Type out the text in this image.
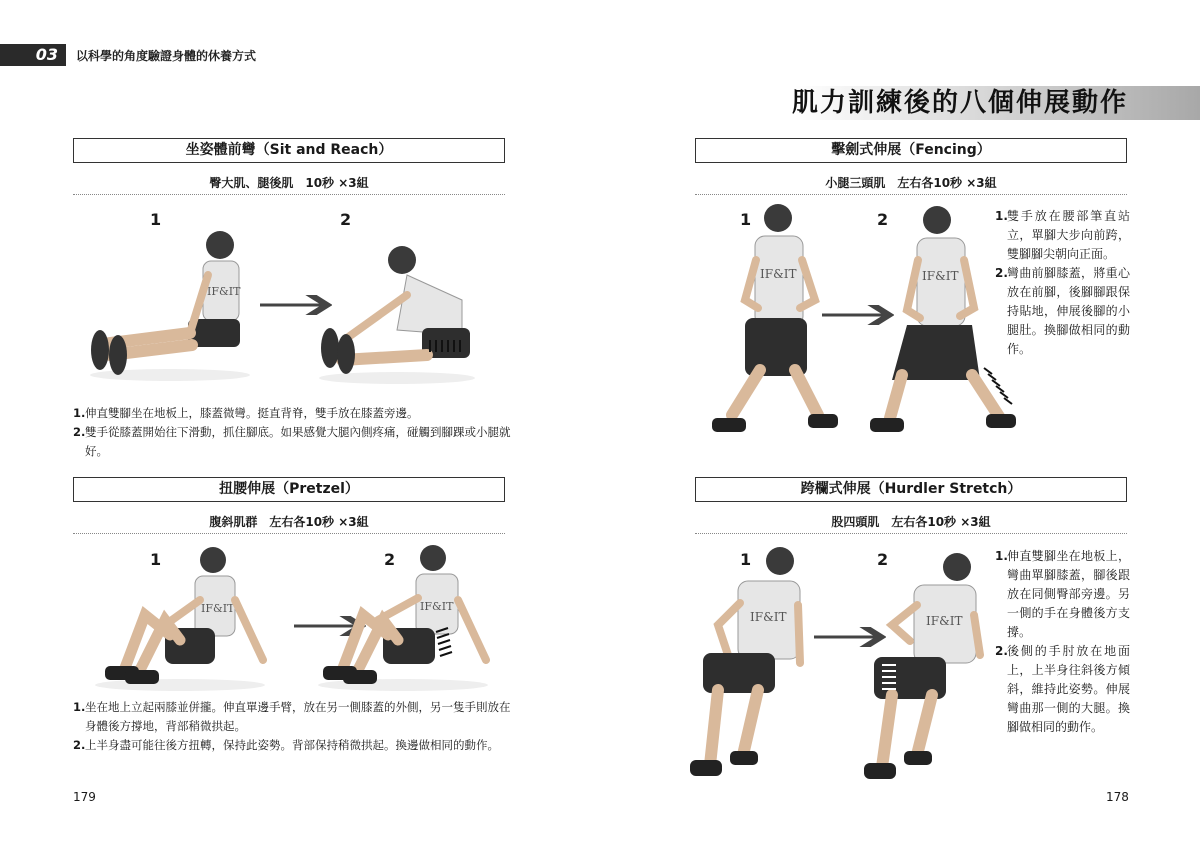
03	以科學的角度驗證身體的休養方式
肌力訓練後的八個伸展動作
坐姿體前彎（Sit and Reach）
臀大肌、腿後肌　10秒 ×3組
1	2
IF&IT
1. 伸直雙腳坐在地板上，膝蓋微彎。挺直背脊，雙手放在膝蓋旁邊。
2. 雙手從膝蓋開始往下滑動，抓住腳底。如果感覺大腿內側疼痛，碰觸到腳踝或小腿就好。
扭腰伸展（Pretzel）
腹斜肌群　左右各10秒 ×3組
1	2
IF&IT	IF&IT
1. 坐在地上立起兩膝並併攏。伸直單邊手臂，放在另一側膝蓋的外側，另一隻手則放在身體後方撐地，背部稍微拱起。
2. 上半身盡可能往後方扭轉，保持此姿勢。背部保持稍微拱起。換邊做相同的動作。
擊劍式伸展（Fencing）
小腿三頭肌　左右各10秒 ×3組
1	2
IF&IT	IF&IT
1. 雙手放在腰部筆直站立，單腳大步向前跨，雙腳腳尖朝向正面。
2. 彎曲前腳膝蓋，將重心放在前腳，後腳腳跟保持貼地，伸展後腳的小腿肚。換腳做相同的動作。
跨欄式伸展（Hurdler Stretch）
股四頭肌　左右各10秒 ×3組
1	2
IF&IT	IF&IT
1. 伸直雙腳坐在地板上，彎曲單腳膝蓋，腳後跟放在同側臀部旁邊。另一側的手在身體後方支撐。
2. 後側的手肘放在地面上，上半身往斜後方傾斜，維持此姿勢。伸展彎曲那一側的大腿。換腳做相同的動作。
179	178
